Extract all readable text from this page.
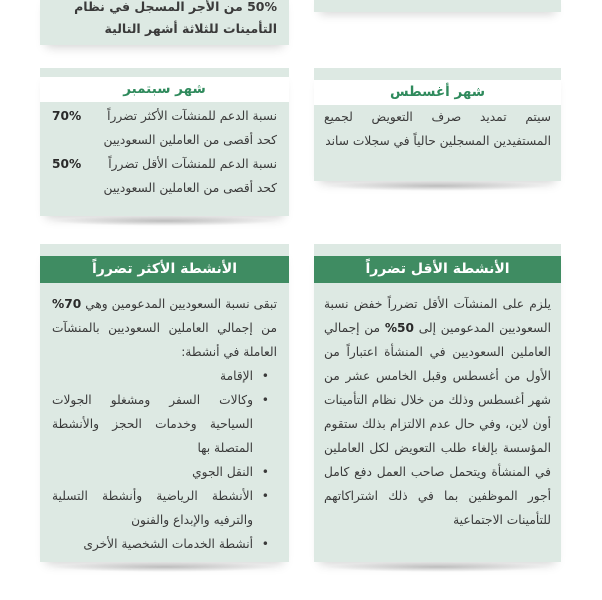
50% من الأجر المسجل في نظام

التأمينات للثلاثة أشهر التالية

نسبة الدعم للمنشآت الأكثر تضرراً
70%
كحد أقصى من العاملين السعوديين
نسبة الدعم للمنشآت الأقل تضرراً
50%
كحد أقصى من العاملين السعوديين
شهر سبتمبر

سيتم تمديد صرف التعويض لجميع المستفيدين المسجلين حالياً في سجلات ساند

شهر أغسطس

تبقى نسبة السعوديين المدعومين وهي 70% من إجمالي العاملين السعوديين بالمنشآت العاملة في أنشطة:

• الإقامة
• وكالات السفر ومشغلو الجولات السياحية وخدمات الحجز والأنشطة المتصلة بها
• النقل الجوي
• الأنشطة الرياضية وأنشطة التسلية والترفيه والإبداع والفنون
• أنشطة الخدمات الشخصية الأخرى
الأنشطة الأكثر تضرراً

يلزم على المنشآت الأقل تضرراً خفض نسبة السعوديين المدعومين إلى 50% من إجمالي العاملين السعوديين في المنشأة اعتباراً من الأول من أغسطس وقبل الخامس عشر من شهر أغسطس وذلك من خلال نظام التأمينات أون لاين، وفي حال عدم الالتزام بذلك ستقوم المؤسسة بإلغاء طلب التعويض لكل العاملين في المنشأة ويتحمل صاحب العمل دفع كامل أجور الموظفين بما في ذلك اشتراكاتهم للتأمينات الاجتماعية

الأنشطة الأقل تضرراً
